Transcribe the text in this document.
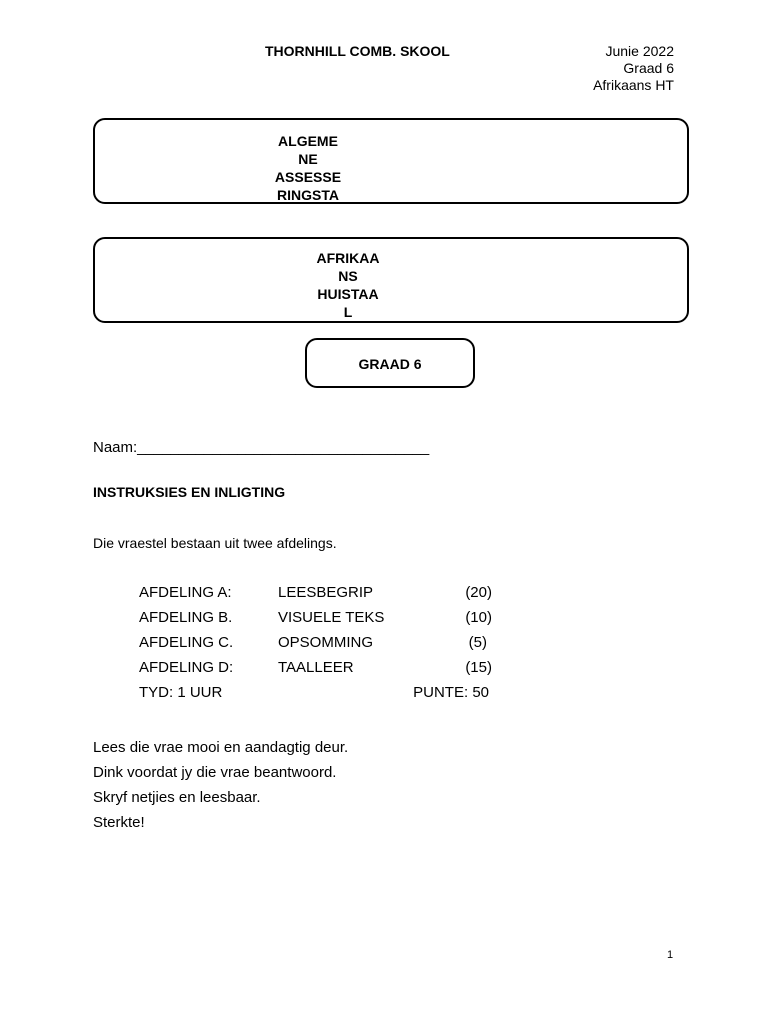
THORNHILL COMB. SKOOL	Junie 2022
Graad 6
Afrikaans HT
ALGEME
NE
ASSESSE
RINGSTA
AFRIKAA
NS
HUISTAA
L
GRAAD 6
Naam:___________________________________
INSTRUKSIES EN INLIGTING
Die vraestel bestaan uit twee afdelings.
AFDELING A:	LEESBEGRIP	(20)
AFDELING B.	VISUELE TEKS	(10)
AFDELING C.	OPSOMMING	(5)
AFDELING D:	TAALLEER	(15)
TYD: 1 UUR	PUNTE: 50
Lees die vrae mooi en aandagtig deur.
Dink voordat jy die vrae beantwoord.
Skryf netjies en leesbaar.
Sterkte!
1
